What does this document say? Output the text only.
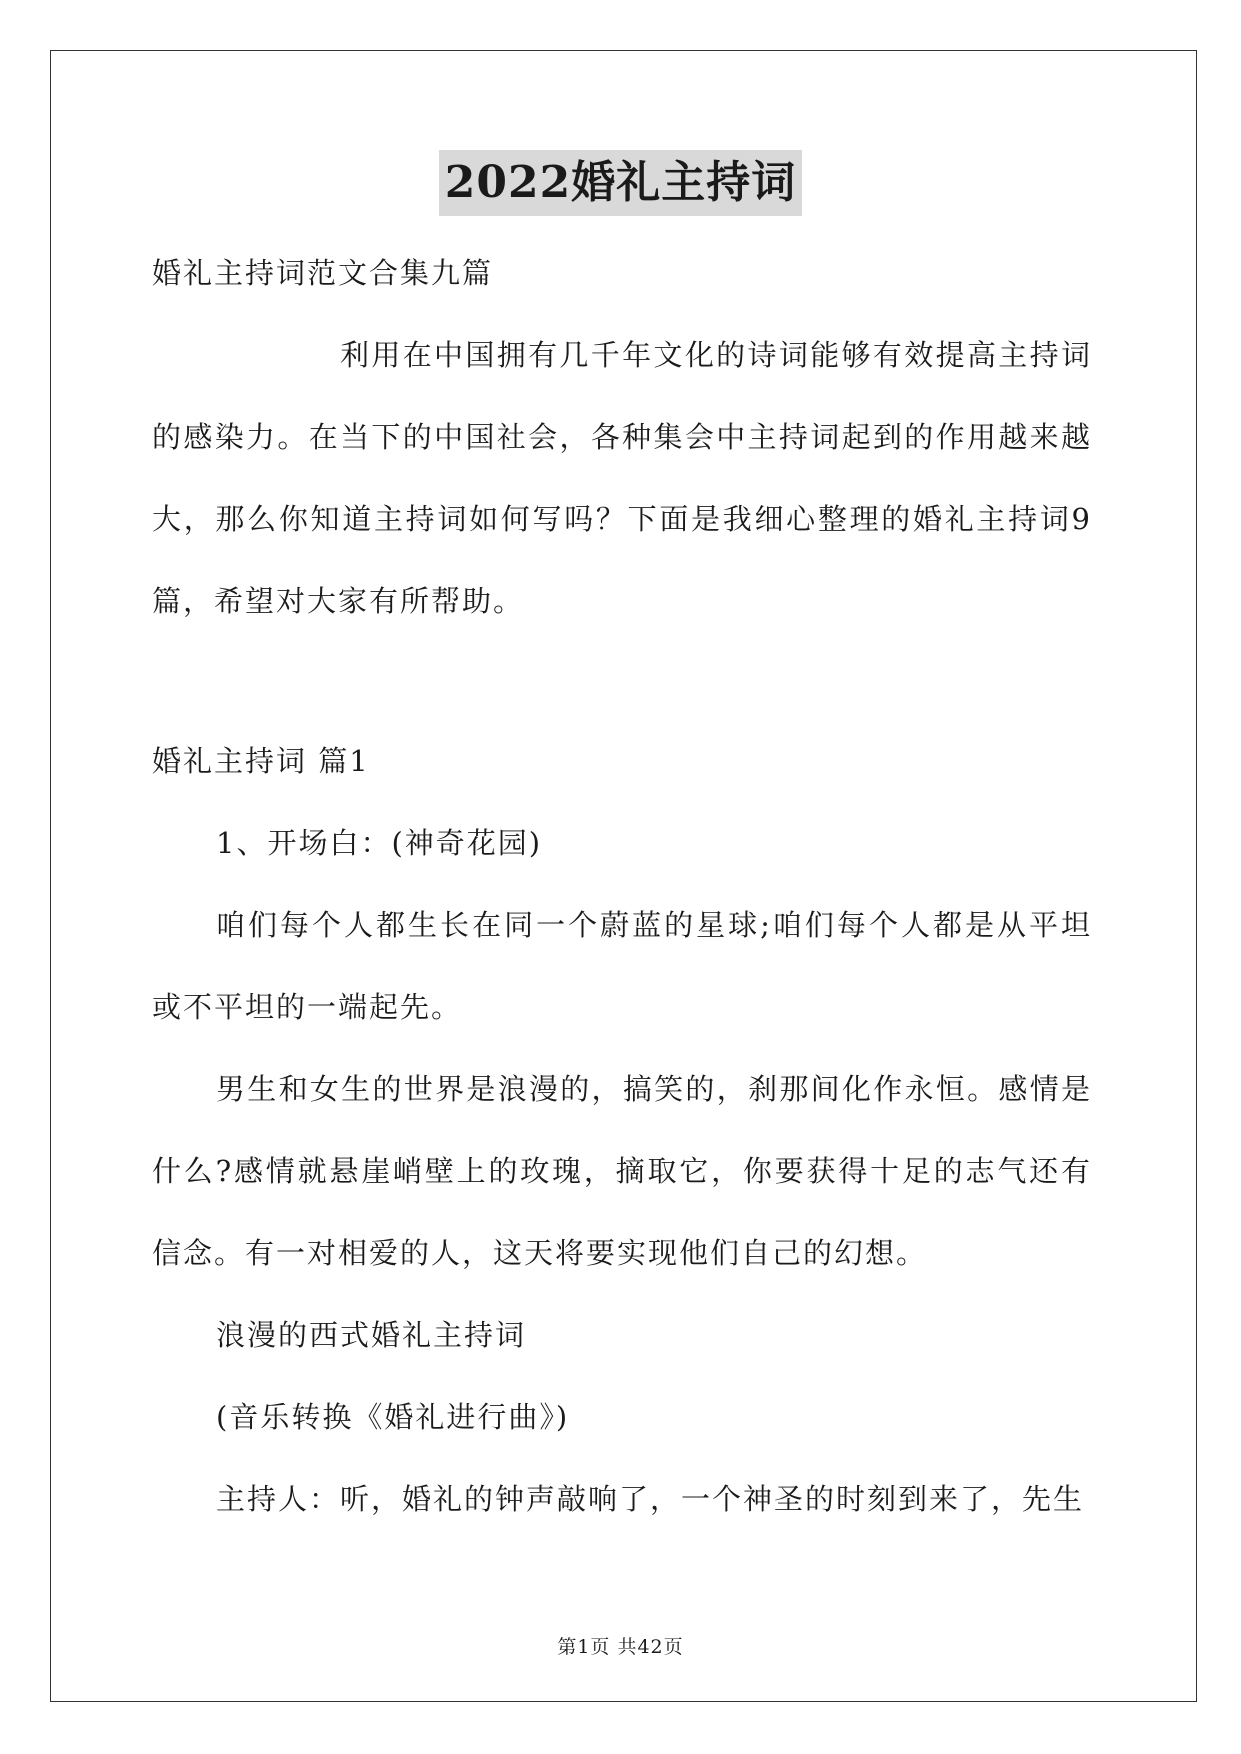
2022婚礼主持词
婚礼主持词范文合集九篇
利用在中国拥有几千年文化的诗词能够有效提高主持词的感染力。在当下的中国社会，各种集会中主持词起到的作用越来越大，那么你知道主持词如何写吗？下面是我细心整理的婚礼主持词9篇，希望对大家有所帮助。
婚礼主持词 篇1
1、开场白：(神奇花园)
咱们每个人都生长在同一个蔚蓝的星球;咱们每个人都是从平坦或不平坦的一端起先。
男生和女生的世界是浪漫的，搞笑的，刹那间化作永恒。感情是什么?感情就悬崖峭壁上的玫瑰，摘取它，你要获得十足的志气还有信念。有一对相爱的人，这天将要实现他们自己的幻想。
浪漫的西式婚礼主持词
(音乐转换《婚礼进行曲》)
主持人：听，婚礼的钟声敲响了，一个神圣的时刻到来了，先生
第1页 共42页
